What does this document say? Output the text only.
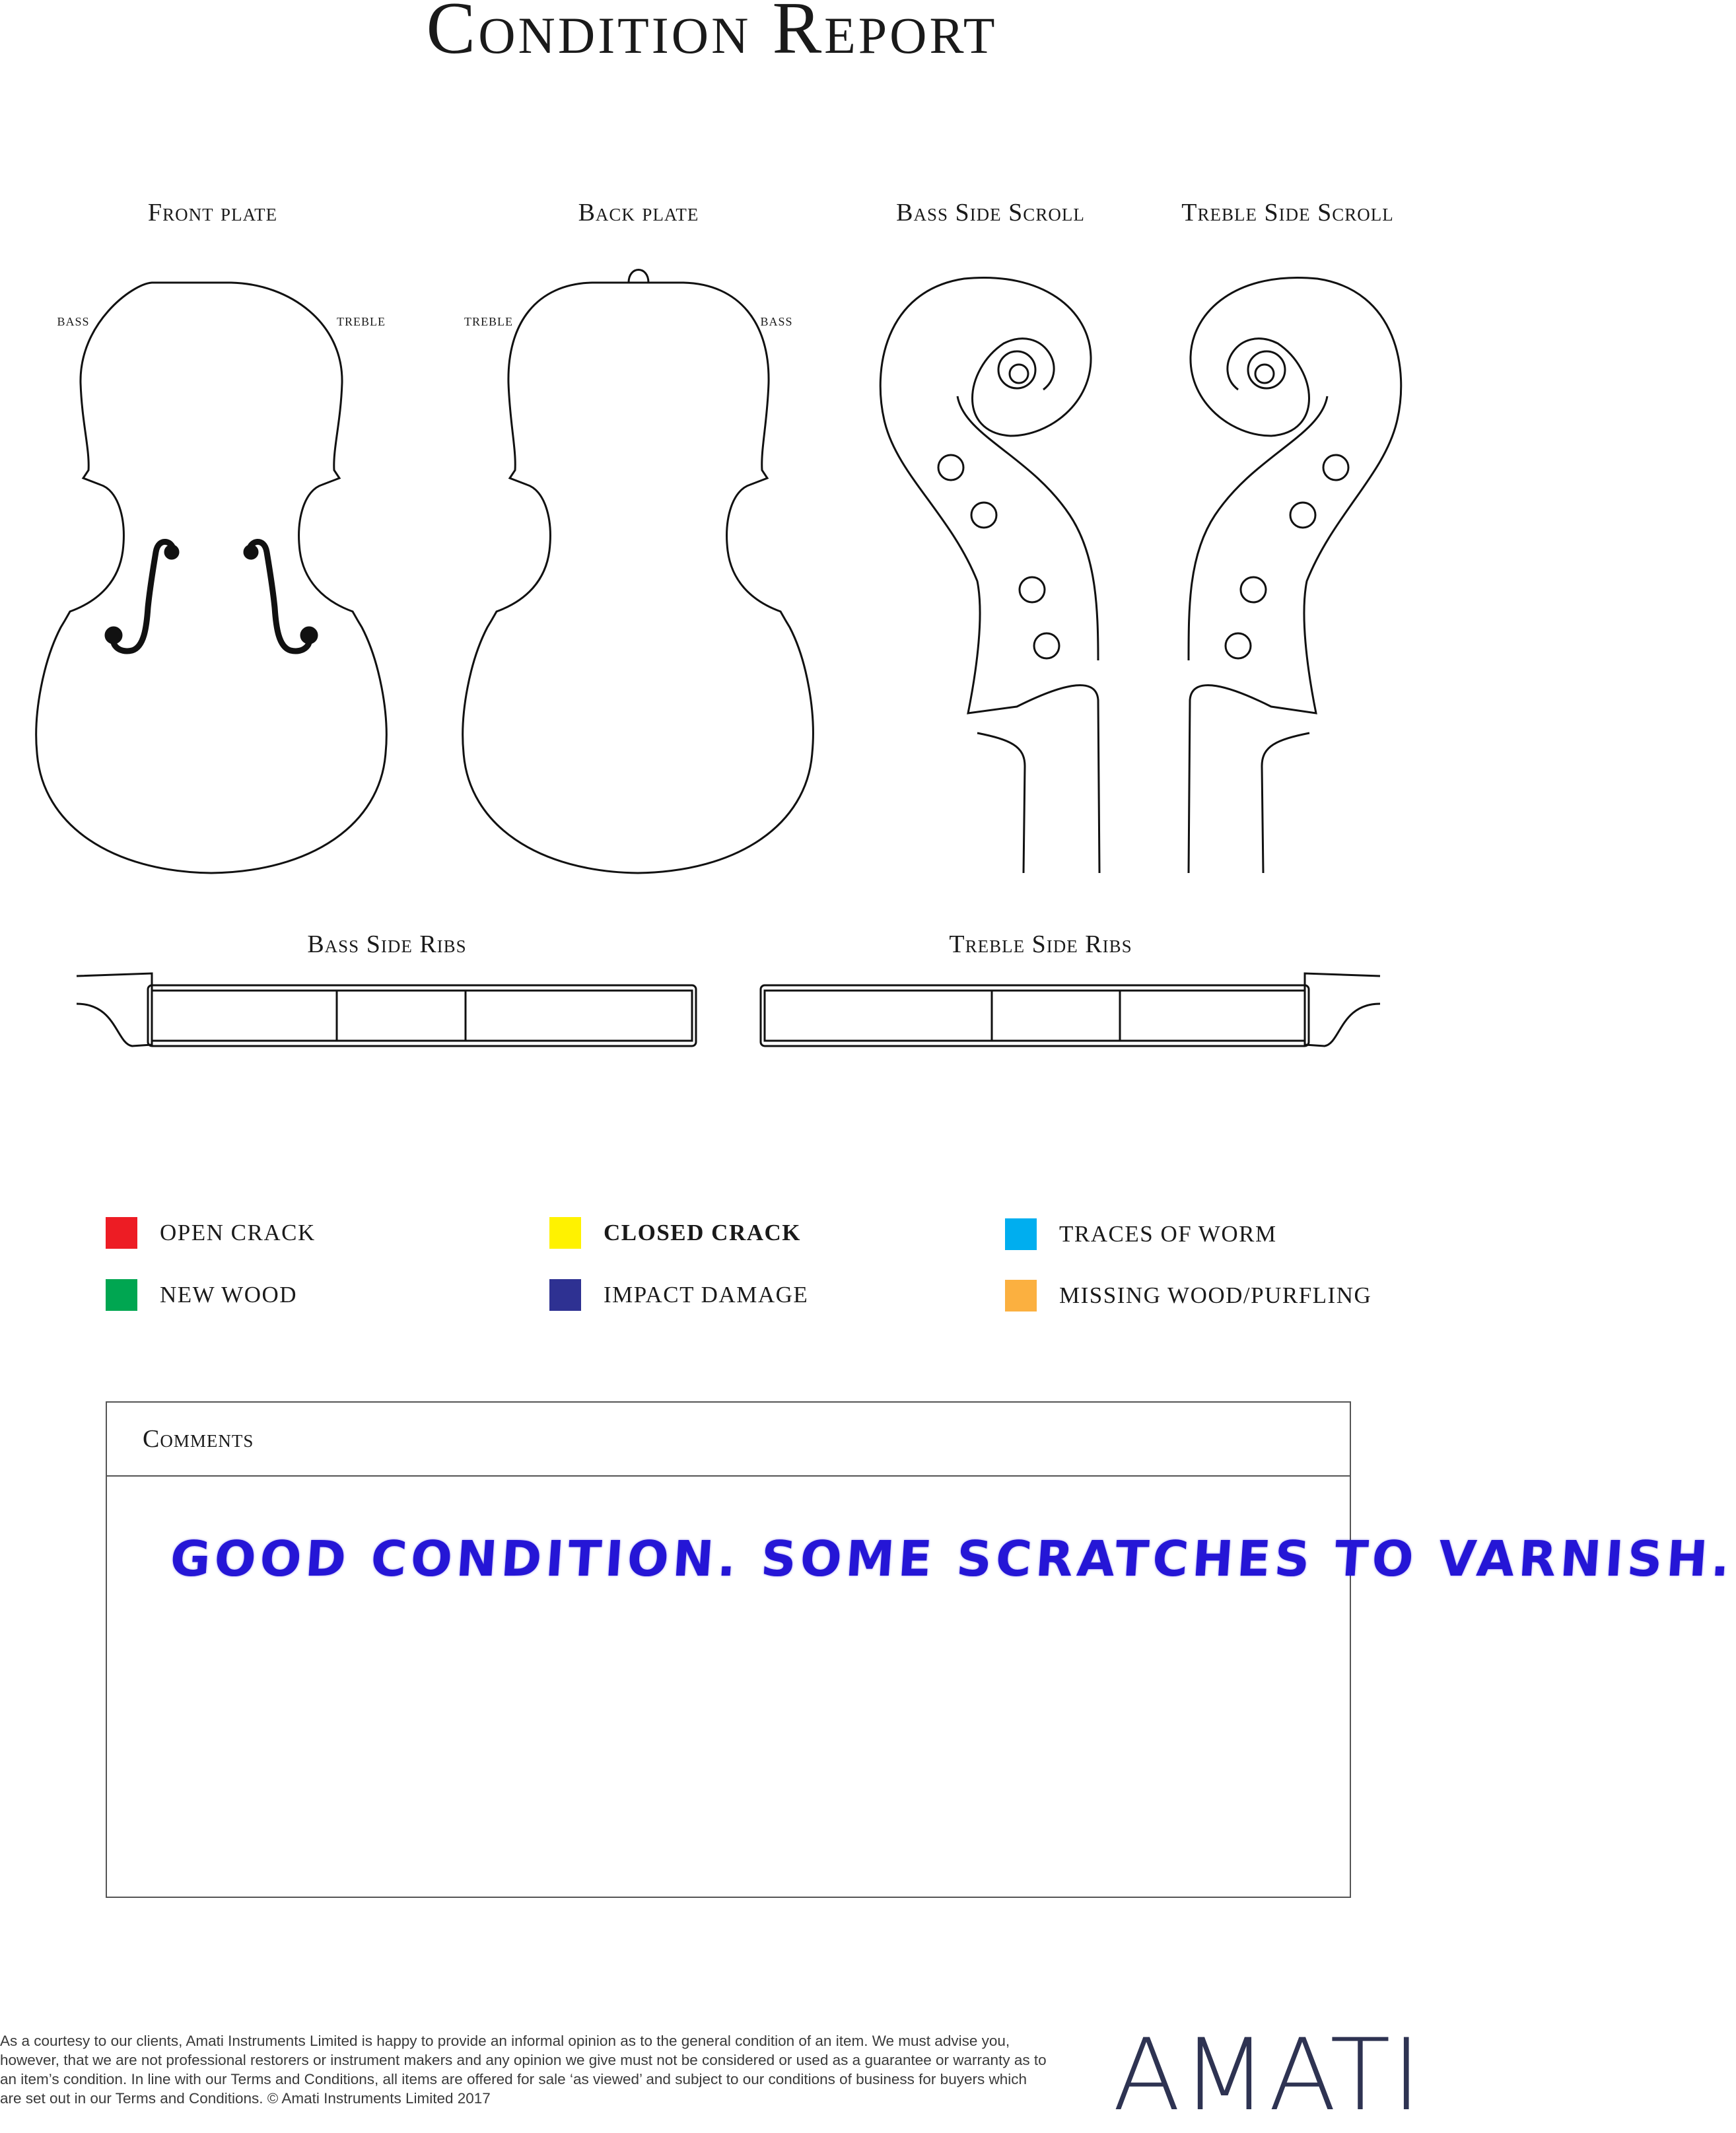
Condition Report
Front plate	Back plate	Bass Side Scroll	Treble Side Scroll
Bass Side Ribs	Treble Side Ribs
bass	treble	treble	bass
OPEN CRACK
NEW WOOD
CLOSED CRACK
IMPACT DAMAGE
TRACES OF WORM
MISSING WOOD/PURFLING
Comments
GOOD CONDITION. SOME SCRATCHES TO VARNISH.
As a courtesy to our clients, Amati Instruments Limited is happy to provide an informal opinion as to the general condition of an item. We must advise you, however, that we are not professional restorers or instrument makers and any opinion we give must not be considered or used as a guarantee or warranty as to an item’s condition. In line with our Terms and Conditions, all items are offered for sale ‘as viewed’ and subject to our conditions of business for buyers which are set out in our Terms and Conditions. © Amati Instruments Limited 2017	AMATI
